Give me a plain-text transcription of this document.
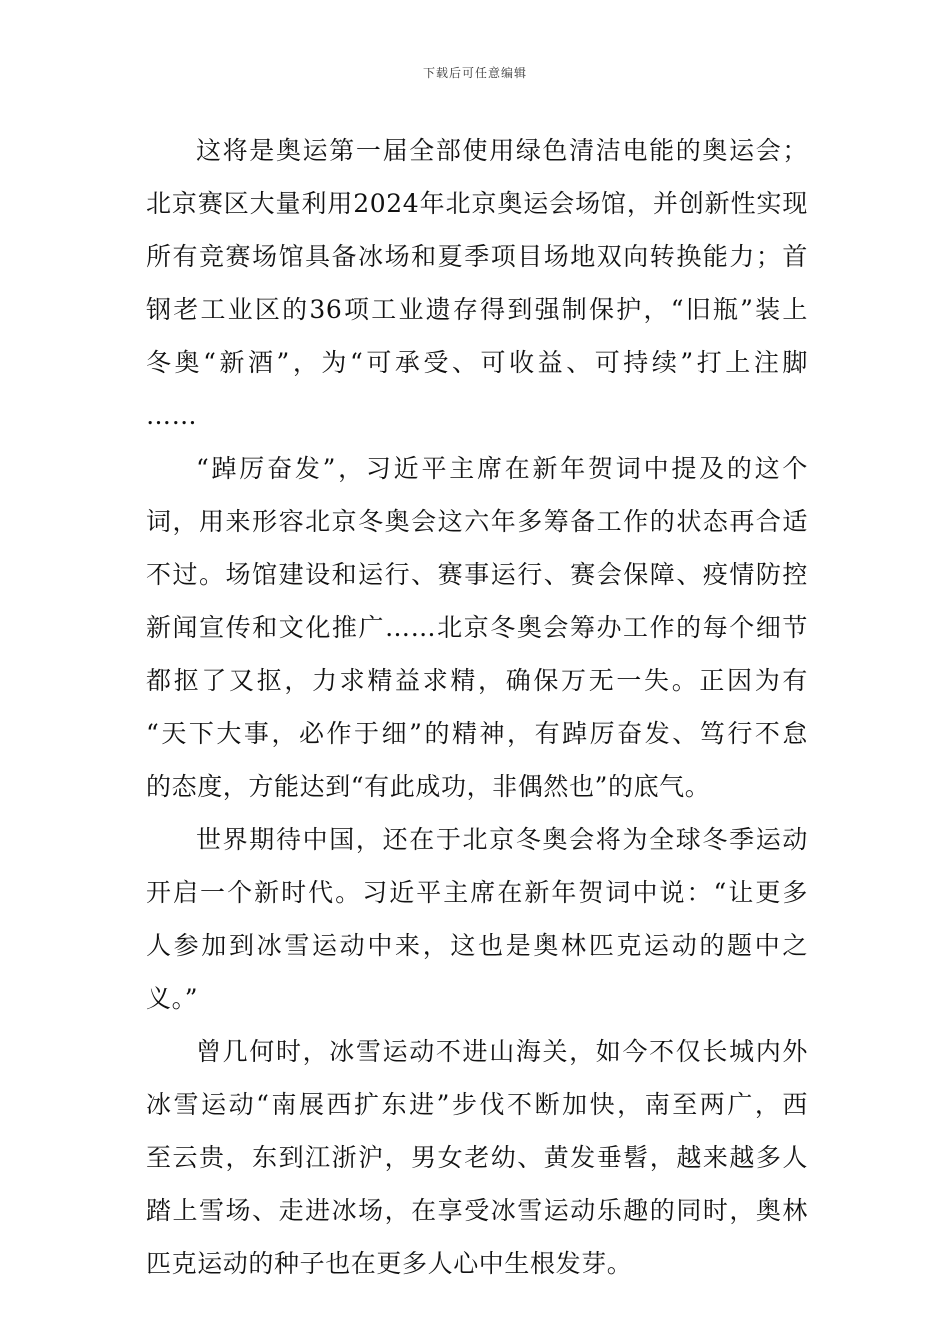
下载后可任意编辑

这将是奥运第一届全部使用绿色清洁电能的奥运会；
北京赛区大量利用2024年北京奥运会场馆，并创新性实现
所有竞赛场馆具备冰场和夏季项目场地双向转换能力；首
钢老工业区的36项工业遗存得到强制保护，“旧瓶”装上
冬奥“新酒”，为“可承受、可收益、可持续”打上注脚
……

“踔厉奋发”，习近平主席在新年贺词中提及的这个
词，用来形容北京冬奥会这六年多筹备工作的状态再合适
不过。场馆建设和运行、赛事运行、赛会保障、疫情防控
新闻宣传和文化推广……北京冬奥会筹办工作的每个细节
都抠了又抠，力求精益求精，确保万无一失。正因为有
“天下大事，必作于细”的精神，有踔厉奋发、笃行不怠
的态度，方能达到“有此成功，非偶然也”的底气。

世界期待中国，还在于北京冬奥会将为全球冬季运动
开启一个新时代。习近平主席在新年贺词中说：“让更多
人参加到冰雪运动中来，这也是奥林匹克运动的题中之
义。”

曾几何时，冰雪运动不进山海关，如今不仅长城内外
冰雪运动“南展西扩东进”步伐不断加快，南至两广，西
至云贵，东到江浙沪，男女老幼、黄发垂髫，越来越多人
踏上雪场、走进冰场，在享受冰雪运动乐趣的同时，奥林
匹克运动的种子也在更多人心中生根发芽。
